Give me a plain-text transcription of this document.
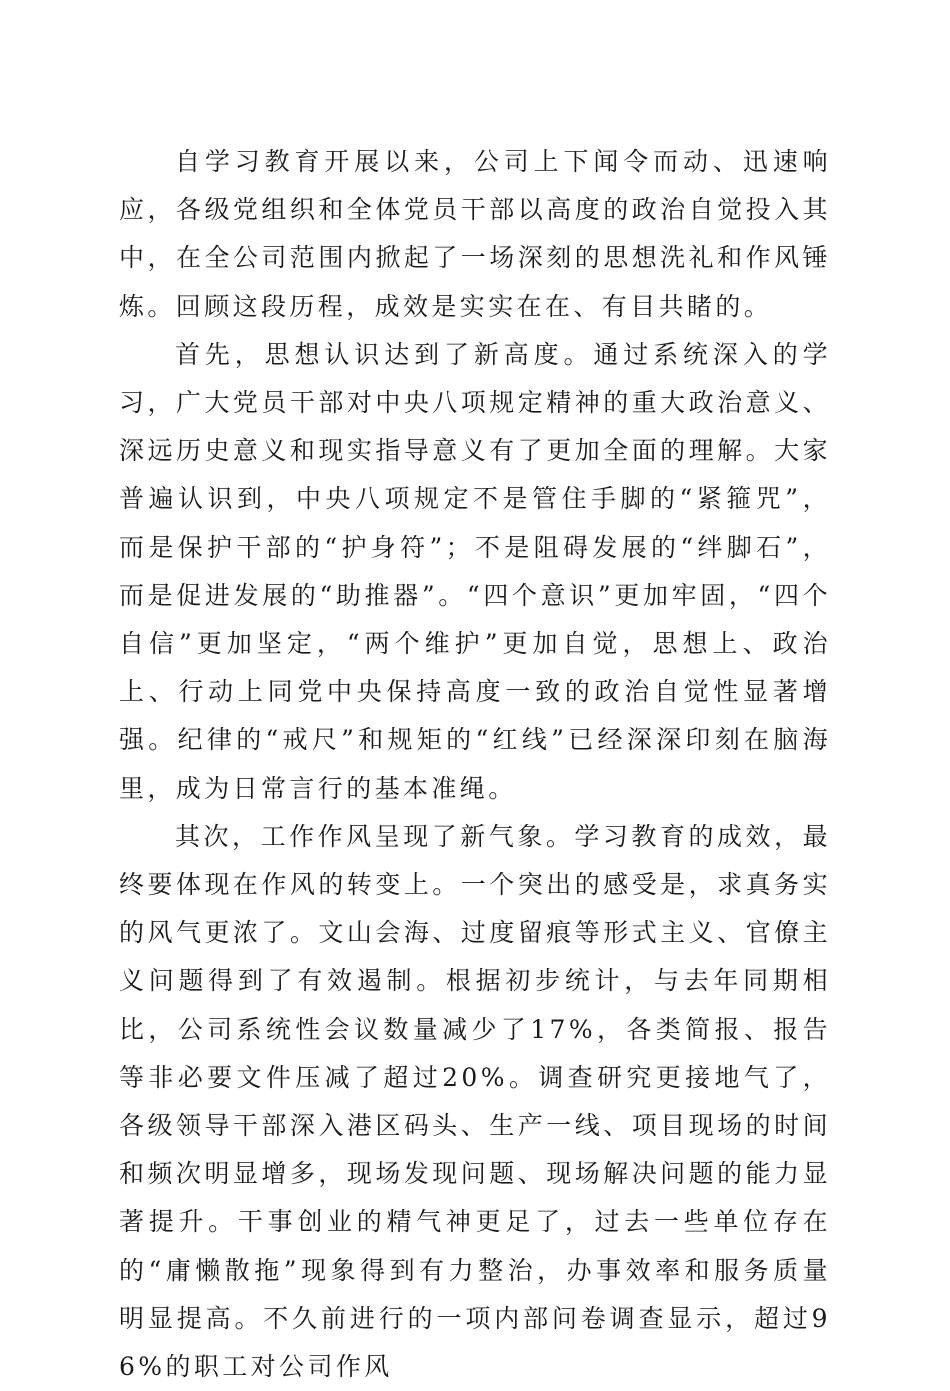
自学习教育开展以来，公司上下闻令而动、迅速响应，各级党组织和全体党员干部以高度的政治自觉投入其中，在全公司范围内掀起了一场深刻的思想洗礼和作风锤炼。回顾这段历程，成效是实实在在、有目共睹的。

首先，思想认识达到了新高度。通过系统深入的学习，广大党员干部对中央八项规定精神的重大政治意义、深远历史意义和现实指导意义有了更加全面的理解。大家普遍认识到，中央八项规定不是管住手脚的“紧箍咒”，而是保护干部的“护身符”；不是阻碍发展的“绊脚石”，而是促进发展的“助推器”。“四个意识”更加牢固，“四个自信”更加坚定，“两个维护”更加自觉，思想上、政治上、行动上同党中央保持高度一致的政治自觉性显著增强。纪律的“戒尺”和规矩的“红线”已经深深印刻在脑海里，成为日常言行的基本准绳。

其次，工作作风呈现了新气象。学习教育的成效，最终要体现在作风的转变上。一个突出的感受是，求真务实的风气更浓了。文山会海、过度留痕等形式主义、官僚主义问题得到了有效遏制。根据初步统计，与去年同期相比，公司系统性会议数量减少了17%，各类简报、报告等非必要文件压减了超过20%。调查研究更接地气了，各级领导干部深入港区码头、生产一线、项目现场的时间和频次明显增多，现场发现问题、现场解决问题的能力显著提升。干事创业的精气神更足了，过去一些单位存在的“庸懒散拖”现象得到有力整治，办事效率和服务质量明显提高。不久前进行的一项内部问卷调查显示，超过96%的职工对公司作风
